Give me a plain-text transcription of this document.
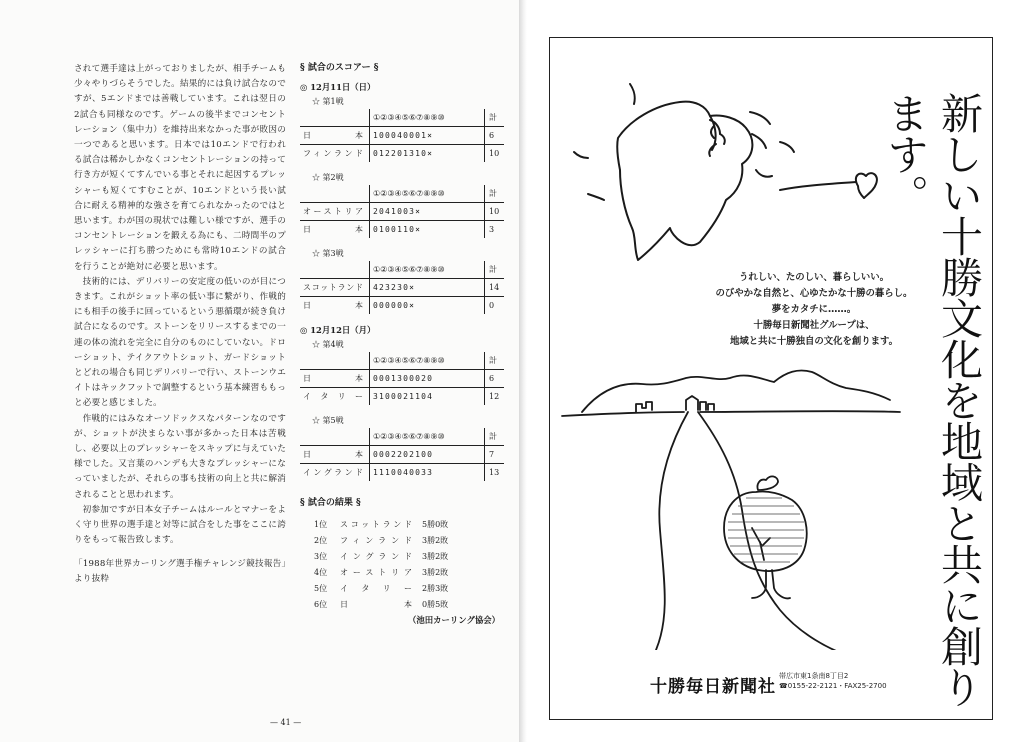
されて選手達は上がっておりましたが、相手チームも少々やりづらそうでした。結果的には負け試合なのですが、5エンドまでは善戦しています。これは翌日の2試合も同様なのです。ゲームの後半までコンセントレーション（集中力）を維持出来なかった事が敗因の一つであると思います。日本では10エンドで行われる試合は稀かしかなくコンセントレーションの持って行き方が短くてすんでいる事とそれに起因するプレッシャーも短くてすむことが、10エンドという長い試合に耐える精神的な強さを育てられなかったのではと思います。わが国の現状では難しい様ですが、選手のコンセントレーションを鍛える為にも、二時間半のプレッシャーに打ち勝つためにも常時10エンドの試合を行うことが絶対に必要と思います。

技術的には、デリバリーの安定度の低いのが目につきます。これがショット率の低い事に繋がり、作戦的にも相手の後手に回っているという悪循環が続き負け試合になるのです。ストーンをリリースするまでの一連の体の流れを完全に自分のものにしていない。ドローショット、テイクアウトショット、ガードショットとどれの場合も同じデリバリーで行い、ストーンウエイトはキックフットで調整するという基本練習ももっと必要と感じました。

作戦的にはみなオーソドックスなパターンなのですが、ショットが決まらない事が多かった日本は苦戦し、必要以上のプレッシャーをスキップに与えていた様でした。又言葉のハンデも大きなプレッシャーになっていましたが、それらの事も技術の向上と共に解消されることと思われます。

初参加ですが日本女子チームはルールとマナーをよく守り世界の選手達と対等に試合をした事をここに誇りをもって報告致します。

「1988年世界カーリング選手権チャレンジ競技報告」より抜粋

§ 試合のスコアー §
◎ 12月11日（日）
☆ 第1戦
	①②③④⑤⑥⑦⑧⑨⑩	計
日本	100040001×	6
フィンランド	012201310×	10
☆ 第2戦
	①②③④⑤⑥⑦⑧⑨⑩	計
オーストリア	2041003×	10
日本	0100110×	3
☆ 第3戦
	①②③④⑤⑥⑦⑧⑨⑩	計
スコットランド	423230×	14
日本	000000×	0
◎ 12月12日（月）
☆ 第4戦
	①②③④⑤⑥⑦⑧⑨⑩	計
日本	0001300020	6
イタリー	3100021104	12
☆ 第5戦
	①②③④⑤⑥⑦⑧⑨⑩	計
日本	0002202100	7
イングランド	1110040033	13
§ 試合の結果 §
1位	スコットランド	5勝0敗
2位	フィンランド	3勝2敗
3位	イングランド	3勝2敗
4位	オーストリア	3勝2敗
5位	イタリー	2勝3敗
6位	日本	0勝5敗
（池田カーリング協会）
— 41 —
新しい十勝文化を地域と共に創ります。
うれしい、たのしい、暮らしいい。
のびやかな自然と、心ゆたかな十勝の暮らし。
夢をカタチに……。
十勝毎日新聞社グループは、
地域と共に十勝独自の文化を創ります。
十勝毎日新聞社
帯広市東1条南8丁目2
☎0155-22-2121・FAX25-2700
